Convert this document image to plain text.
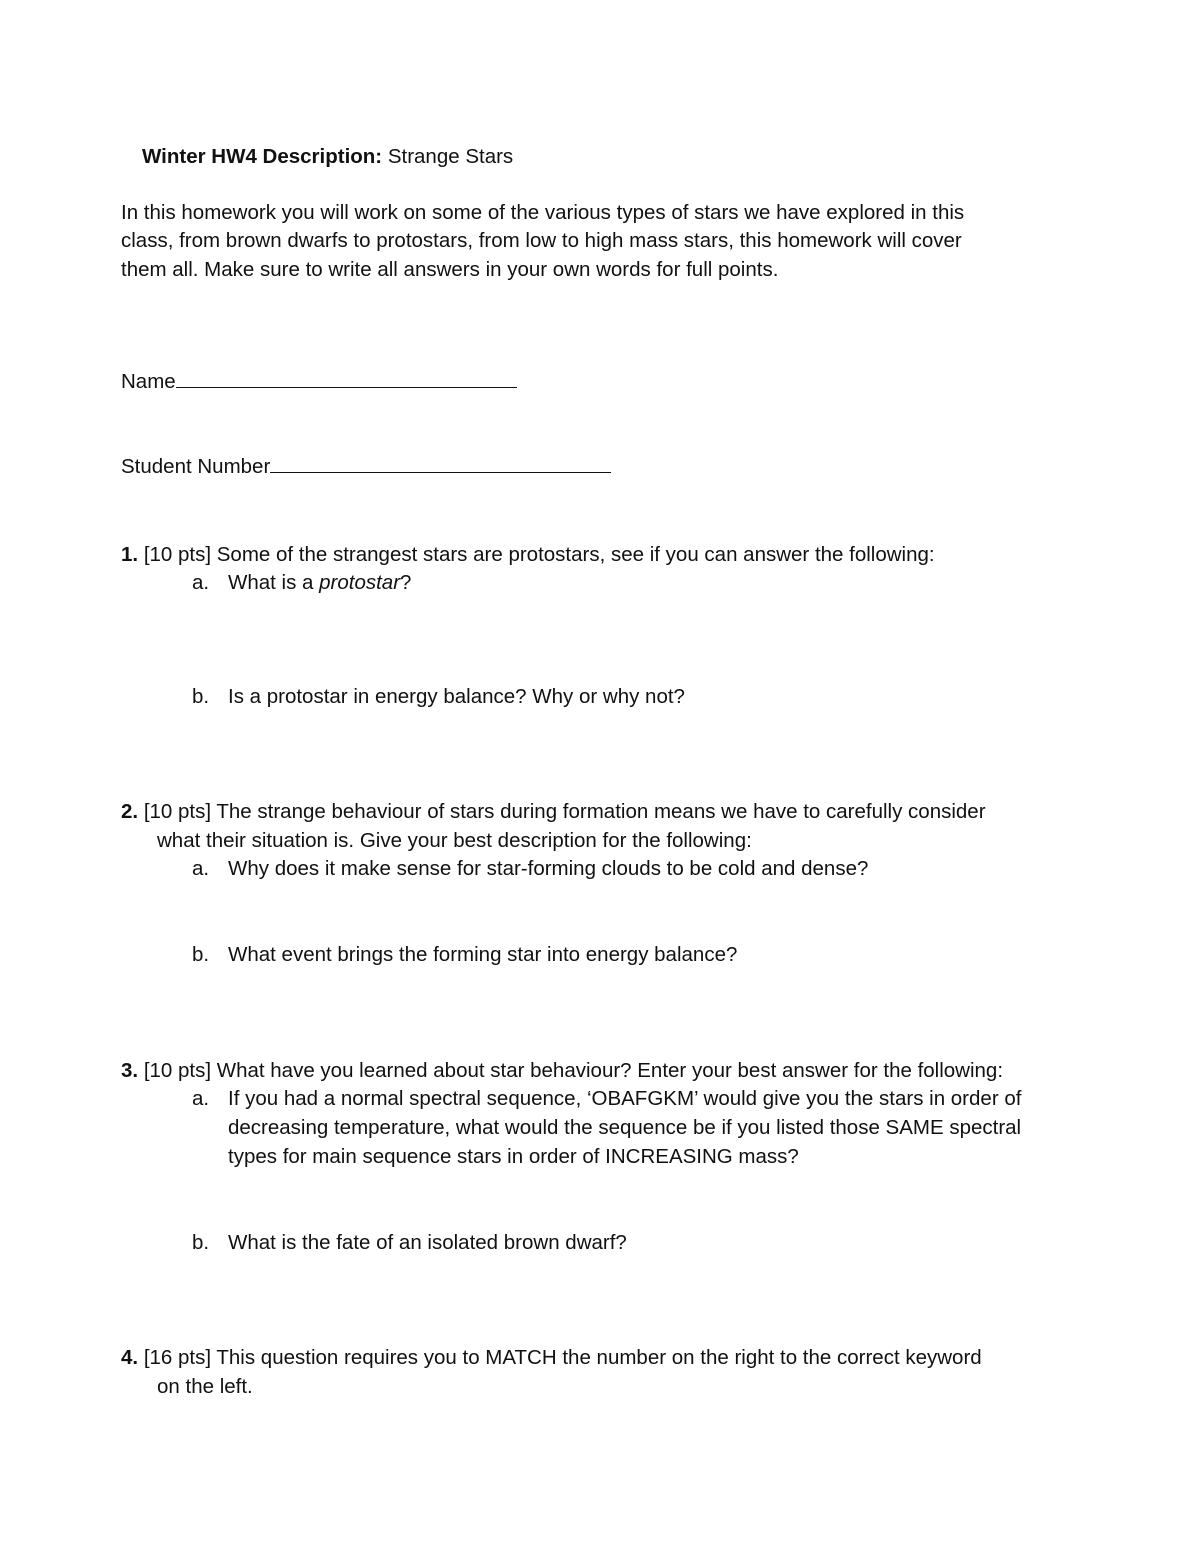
Winter HW4 Description: Strange Stars
In this homework you will work on some of the various types of stars we have explored in this
class, from brown dwarfs to protostars, from low to high mass stars, this homework will cover
them all. Make sure to write all answers in your own words for full points.
Name
Student Number
1. [10 pts] Some of the strangest stars are protostars, see if you can answer the following:
a. What is a protostar?
b. Is a protostar in energy balance? Why or why not?
2. [10 pts] The strange behaviour of stars during formation means we have to carefully consider
what their situation is. Give your best description for the following:
a. Why does it make sense for star-forming clouds to be cold and dense?
b. What event brings the forming star into energy balance?
3. [10 pts] What have you learned about star behaviour? Enter your best answer for the following:
a. If you had a normal spectral sequence, ‘OBAFGKM’ would give you the stars in order of
decreasing temperature, what would the sequence be if you listed those SAME spectral
types for main sequence stars in order of INCREASING mass?
b. What is the fate of an isolated brown dwarf?
4. [16 pts] This question requires you to MATCH the number on the right to the correct keyword
on the left.
